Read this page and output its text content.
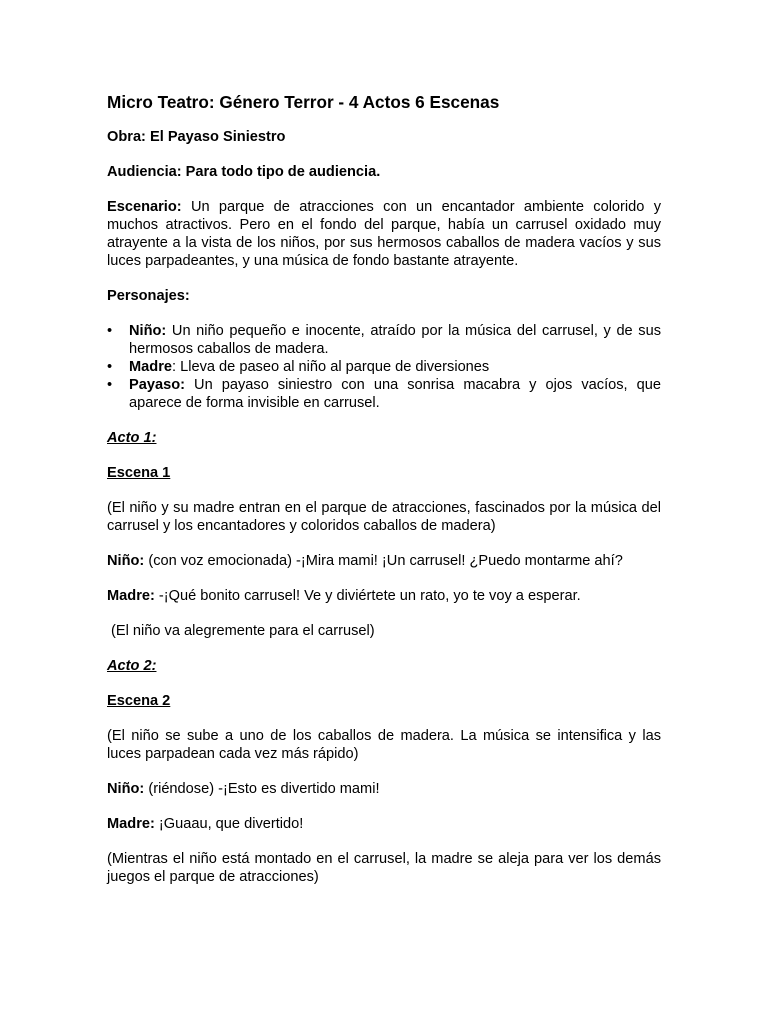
Micro Teatro: Género Terror - 4 Actos 6 Escenas

Obra: El Payaso Siniestro

Audiencia: Para todo tipo de audiencia.

Escenario: Un parque de atracciones con un encantador ambiente colorido y muchos atractivos. Pero en el fondo del parque, había un carrusel oxidado muy atrayente a la vista de los niños, por sus hermosos caballos de madera vacíos y sus luces parpadeantes, y una música de fondo bastante atrayente.

Personajes:

• Niño: Un niño pequeño e inocente, atraído por la música del carrusel, y de sus hermosos caballos de madera.
• Madre: Lleva de paseo al niño al parque de diversiones
• Payaso: Un payaso siniestro con una sonrisa macabra y ojos vacíos, que aparece de forma invisible en carrusel.

Acto 1:

Escena 1

(El niño y su madre entran en el parque de atracciones, fascinados por la música del carrusel y los encantadores y coloridos caballos de madera)

Niño: (con voz emocionada) -¡Mira mami! ¡Un carrusel! ¿Puedo montarme ahí?

Madre: -¡Qué bonito carrusel! Ve y diviértete un rato, yo te voy a esperar.

(El niño va alegremente para el carrusel)

Acto 2:

Escena 2

(El niño se sube a uno de los caballos de madera. La música se intensifica y las luces parpadean cada vez más rápido)

Niño: (riéndose) -¡Esto es divertido mami!

Madre: ¡Guaau, que divertido!

(Mientras el niño está montado en el carrusel, la madre se aleja para ver los demás juegos el parque de atracciones)
